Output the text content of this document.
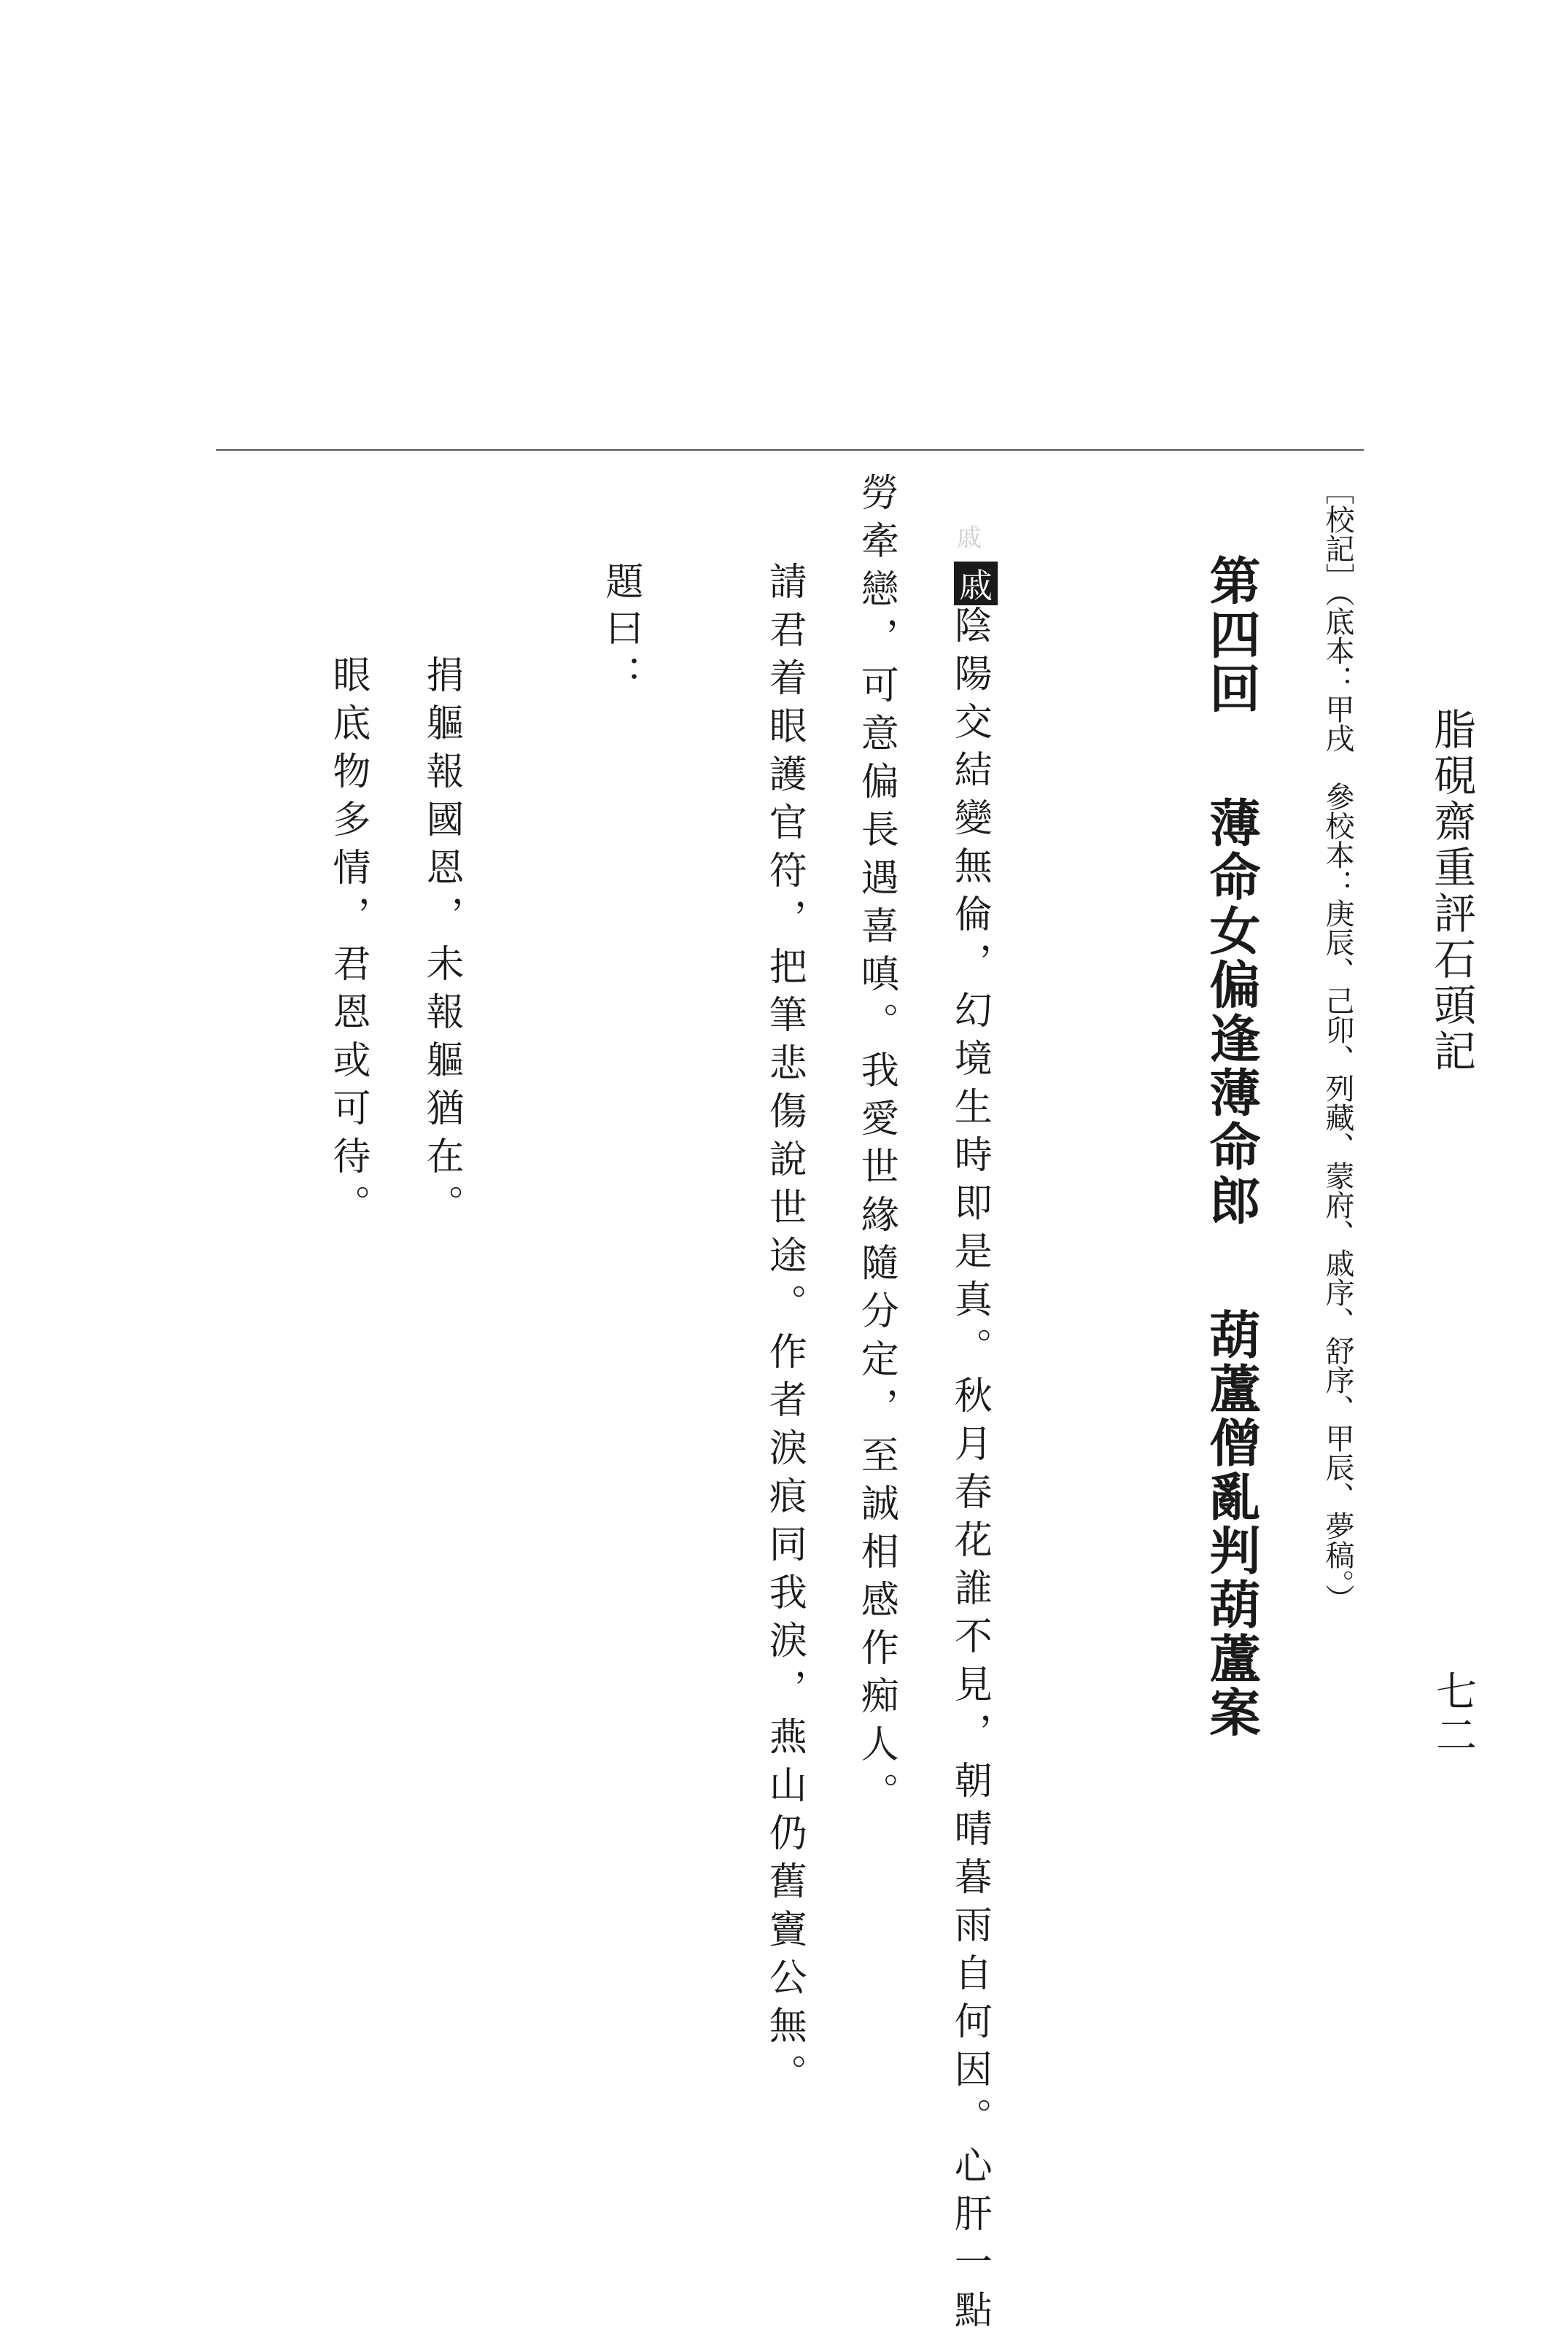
脂硯齋重評石頭記
七二
［校記］（底本：甲戌　參校本：庚辰、己卯、列藏、蒙府、戚序、舒序、甲辰、夢稿。）
第四回薄命女偏逢薄命郎葫蘆僧亂判葫蘆案
戚
戚
陰陽交結變無倫，幻境生時即是真。秋月春花誰不見，朝晴暮雨自何因。心肝一點
勞牽戀，可意偏長遇喜嗔。我愛世緣隨分定，至誠相感作痴人。
請君着眼護官符，把筆悲傷說世途。作者淚痕同我淚，燕山仍舊竇公無。
題曰：
捐軀報國恩，未報軀猶在。
眼底物多情，君恩或可待。
